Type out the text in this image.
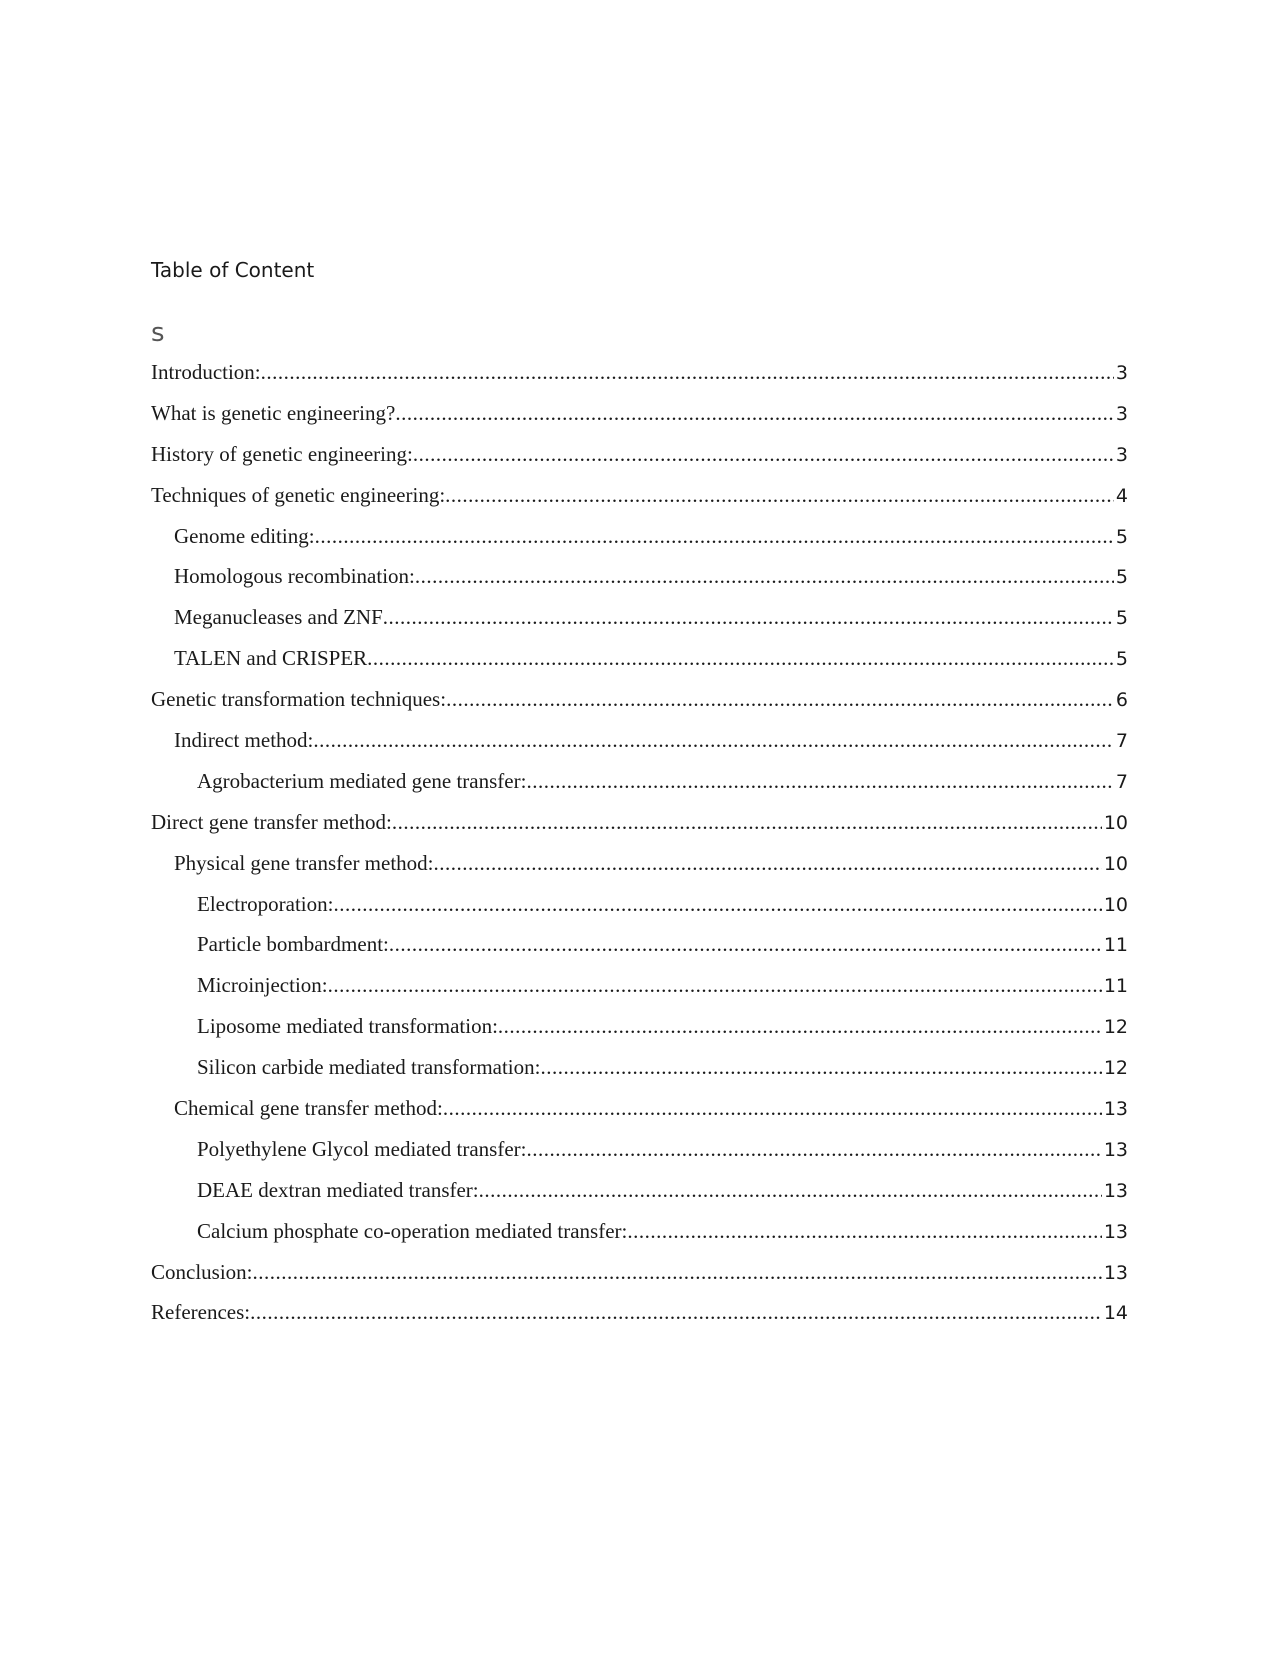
Table of Content
s
Introduction: .....	3
What is genetic engineering? .....	3
History of genetic engineering: .....	3
Techniques of genetic engineering: .....	4
Genome editing: .....	5
Homologous recombination: .....	5
Meganucleases and ZNF .....	5
TALEN and CRISPER .....	5
Genetic transformation techniques: .....	6
Indirect method: .....	7
Agrobacterium mediated gene transfer: .....	7
Direct gene transfer method: .....	10
Physical gene transfer method: .....	10
Electroporation: .....	10
Particle bombardment: .....	11
Microinjection: .....	11
Liposome mediated transformation: .....	12
Silicon carbide mediated transformation: .....	12
Chemical gene transfer method: .....	13
Polyethylene Glycol mediated transfer: .....	13
DEAE dextran mediated transfer: .....	13
Calcium phosphate co-operation mediated transfer: .....	13
Conclusion: .....	13
References: .....	14
